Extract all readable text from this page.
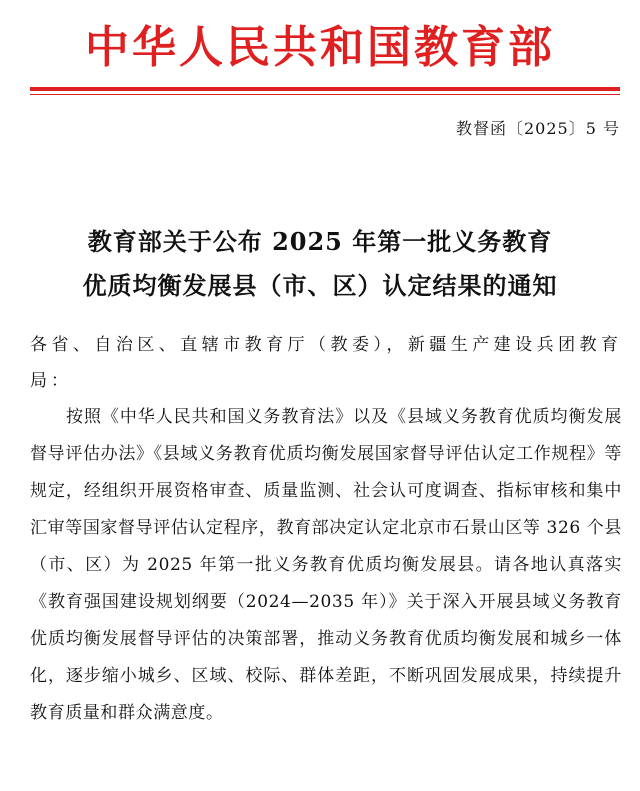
中华人民共和国教育部
教督函〔2025〕5 号
教育部关于公布 2025 年第一批义务教育
优质均衡发展县（市、区）认定结果的通知
各省、自治区、直辖市教育厅（教委），新疆生产建设兵团教育局：
按照《中华人民共和国义务教育法》以及《县域义务教育优质均衡发展督导评估办法》《县域义务教育优质均衡发展国家督导评估认定工作规程》等规定，经组织开展资格审查、质量监测、社会认可度调查、指标审核和集中汇审等国家督导评估认定程序，教育部决定认定北京市石景山区等 326 个县（市、区）为 2025 年第一批义务教育优质均衡发展县。请各地认真落实《教育强国建设规划纲要（2024—2035 年）》关于深入开展县域义务教育优质均衡发展督导评估的决策部署，推动义务教育优质均衡发展和城乡一体化，逐步缩小城乡、区域、校际、群体差距，不断巩固发展成果，持续提升教育质量和群众满意度。
